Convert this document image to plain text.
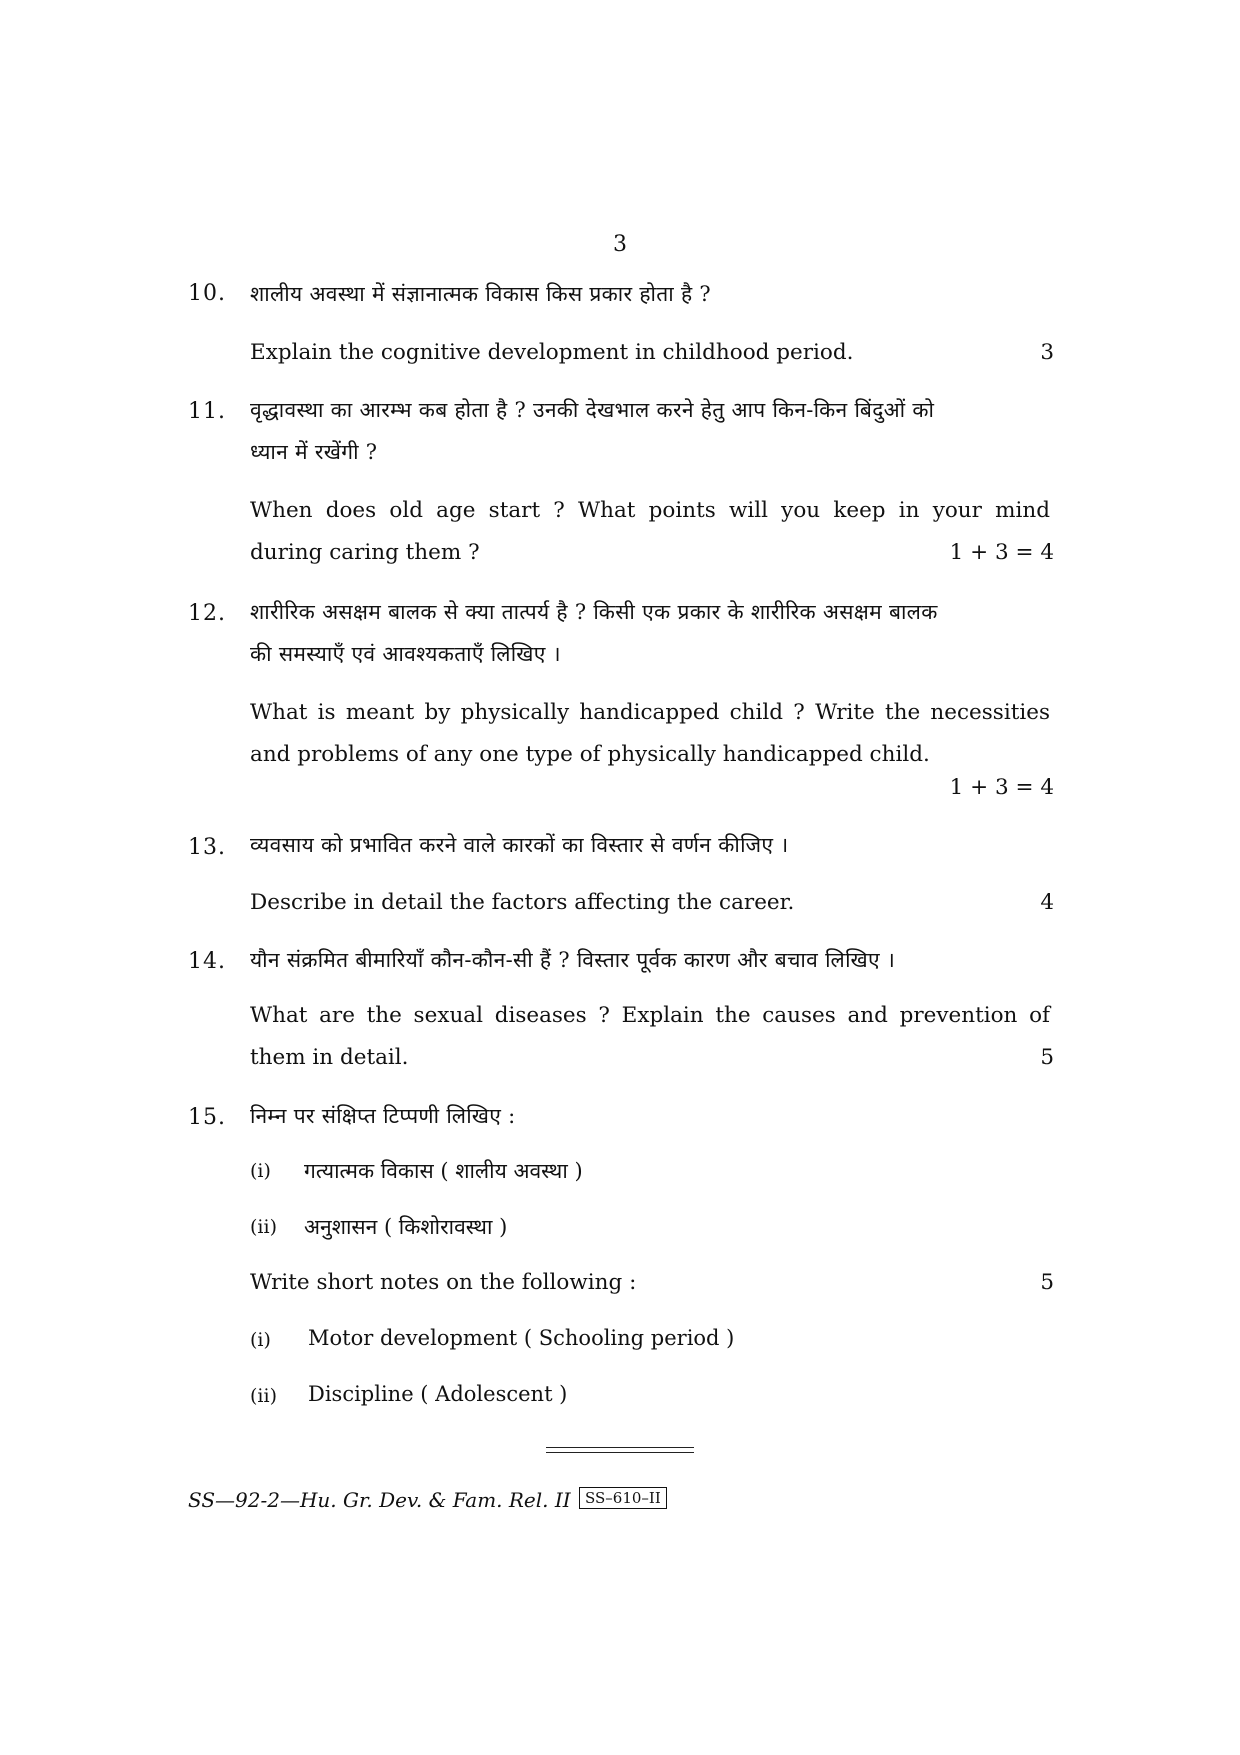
3
10. शालीय अवस्था में संज्ञानात्मक विकास किस प्रकार होता है ?
Explain the cognitive development in childhood period.	3
11. वृद्धावस्था का आरम्भ कब होता है ? उनकी देखभाल करने हेतु आप किन-किन बिंदुओं को
ध्यान में रखेंगी ?
When does old age start ? What points will you keep in your mind
during caring them ?	1 + 3 = 4
12. शारीरिक असक्षम बालक से क्या तात्पर्य है ? किसी एक प्रकार के शारीरिक असक्षम बालक
की समस्याएँ एवं आवश्यकताएँ लिखिए ।
What is meant by physically handicapped child ? Write the necessities
and problems of any one type of physically handicapped child.
1 + 3 = 4
13. व्यवसाय को प्रभावित करने वाले कारकों का विस्तार से वर्णन कीजिए ।
Describe in detail the factors affecting the career.	4
14. यौन संक्रमित बीमारियाँ कौन-कौन-सी हैं ? विस्तार पूर्वक कारण और बचाव लिखिए ।
What are the sexual diseases ? Explain the causes and prevention of
them in detail.	5
15. निम्न पर संक्षिप्त टिप्पणी लिखिए :
(i) गत्यात्मक विकास ( शालीय अवस्था )
(ii) अनुशासन ( किशोरावस्था )
Write short notes on the following :	5
(i) Motor development ( Schooling period )
(ii) Discipline ( Adolescent )
SS—92-2—Hu. Gr. Dev. & Fam. Rel. II SS–610–II
